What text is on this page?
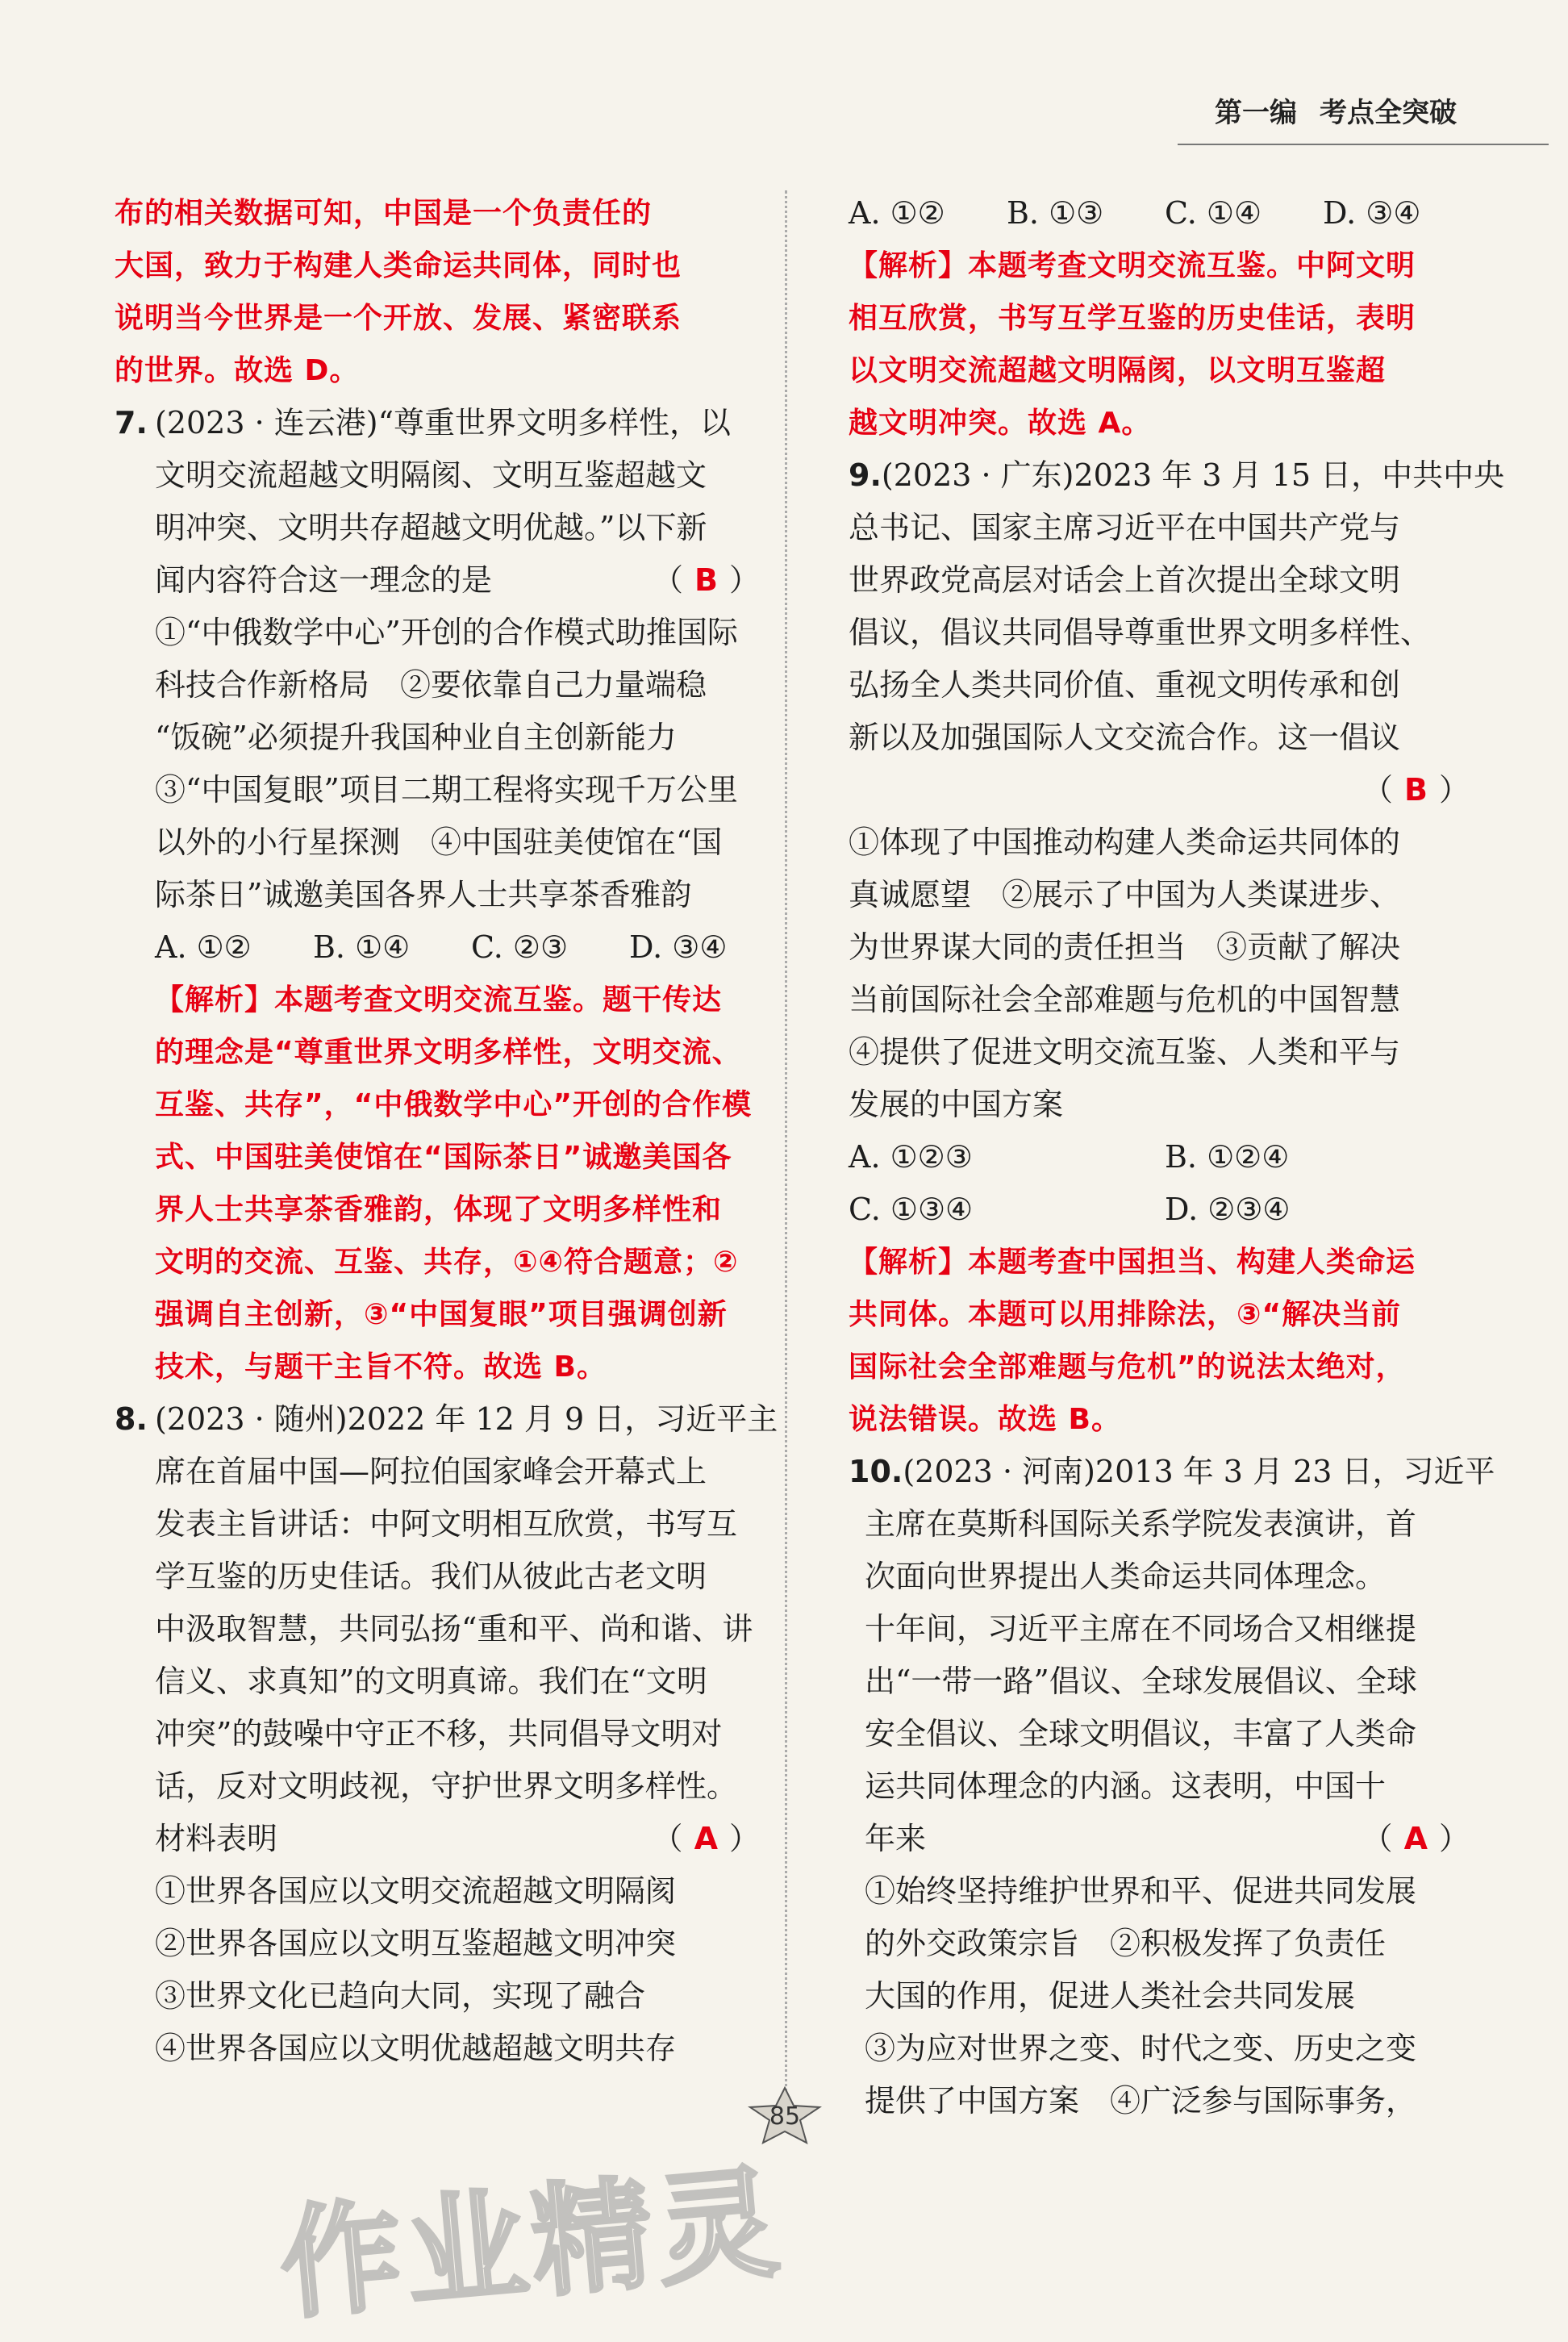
第一编 考点全突破
布的相关数据可知，中国是一个负责任的
大国，致力于构建人类命运共同体，同时也
说明当今世界是一个开放、发展、紧密联系
的世界。故选 D。
7. (2023 · 连云港)“尊重世界文明多样性，以
文明交流超越文明隔阂、文明互鉴超越文
明冲突、文明共存超越文明优越。”以下新
闻内容符合这一理念的是	（ B ）
①“中俄数学中心”开创的合作模式助推国际
科技合作新格局　②要依靠自己力量端稳
“饭碗”必须提升我国种业自主创新能力
③“中国复眼”项目二期工程将实现千万公里
以外的小行星探测　④中国驻美使馆在“国
际茶日”诚邀美国各界人士共享茶香雅韵
A. ①② B. ①④ C. ②③ D. ③④
【解析】本题考查文明交流互鉴。题干传达
的理念是“尊重世界文明多样性，文明交流、
互鉴、共存”，“中俄数学中心”开创的合作模
式、中国驻美使馆在“国际茶日”诚邀美国各
界人士共享茶香雅韵，体现了文明多样性和
文明的交流、互鉴、共存，①④符合题意；②
强调自主创新，③“中国复眼”项目强调创新
技术，与题干主旨不符。故选 B。
8. (2023 · 随州)2022 年 12 月 9 日，习近平主
席在首届中国—阿拉伯国家峰会开幕式上
发表主旨讲话：中阿文明相互欣赏，书写互
学互鉴的历史佳话。我们从彼此古老文明
中汲取智慧，共同弘扬“重和平、尚和谐、讲
信义、求真知”的文明真谛。我们在“文明
冲突”的鼓噪中守正不移，共同倡导文明对
话，反对文明歧视，守护世界文明多样性。
材料表明	（ A ）
①世界各国应以文明交流超越文明隔阂
②世界各国应以文明互鉴超越文明冲突
③世界文化已趋向大同，实现了融合
④世界各国应以文明优越超越文明共存
A. ①② B. ①③ C. ①④ D. ③④
【解析】本题考查文明交流互鉴。中阿文明
相互欣赏，书写互学互鉴的历史佳话，表明
以文明交流超越文明隔阂，以文明互鉴超
越文明冲突。故选 A。
9.(2023 · 广东)2023 年 3 月 15 日，中共中央
总书记、国家主席习近平在中国共产党与
世界政党高层对话会上首次提出全球文明
倡议，倡议共同倡导尊重世界文明多样性、
弘扬全人类共同价值、重视文明传承和创
新以及加强国际人文交流合作。这一倡议
（ B ）
①体现了中国推动构建人类命运共同体的
真诚愿望　②展示了中国为人类谋进步、
为世界谋大同的责任担当　③贡献了解决
当前国际社会全部难题与危机的中国智慧
④提供了促进文明交流互鉴、人类和平与
发展的中国方案
A. ①②③	B. ①②④
C. ①③④	D. ②③④
【解析】本题考查中国担当、构建人类命运
共同体。本题可以用排除法，③“解决当前
国际社会全部难题与危机”的说法太绝对，
说法错误。故选 B。
10.(2023 · 河南)2013 年 3 月 23 日，习近平
主席在莫斯科国际关系学院发表演讲，首
次面向世界提出人类命运共同体理念。
十年间，习近平主席在不同场合又相继提
出“一带一路”倡议、全球发展倡议、全球
安全倡议、全球文明倡议，丰富了人类命
运共同体理念的内涵。这表明，中国十
年来	（ A ）
①始终坚持维护世界和平、促进共同发展
的外交政策宗旨　②积极发挥了负责任
大国的作用，促进人类社会共同发展
③为应对世界之变、时代之变、历史之变
提供了中国方案　④广泛参与国际事务，
85
作业精灵
